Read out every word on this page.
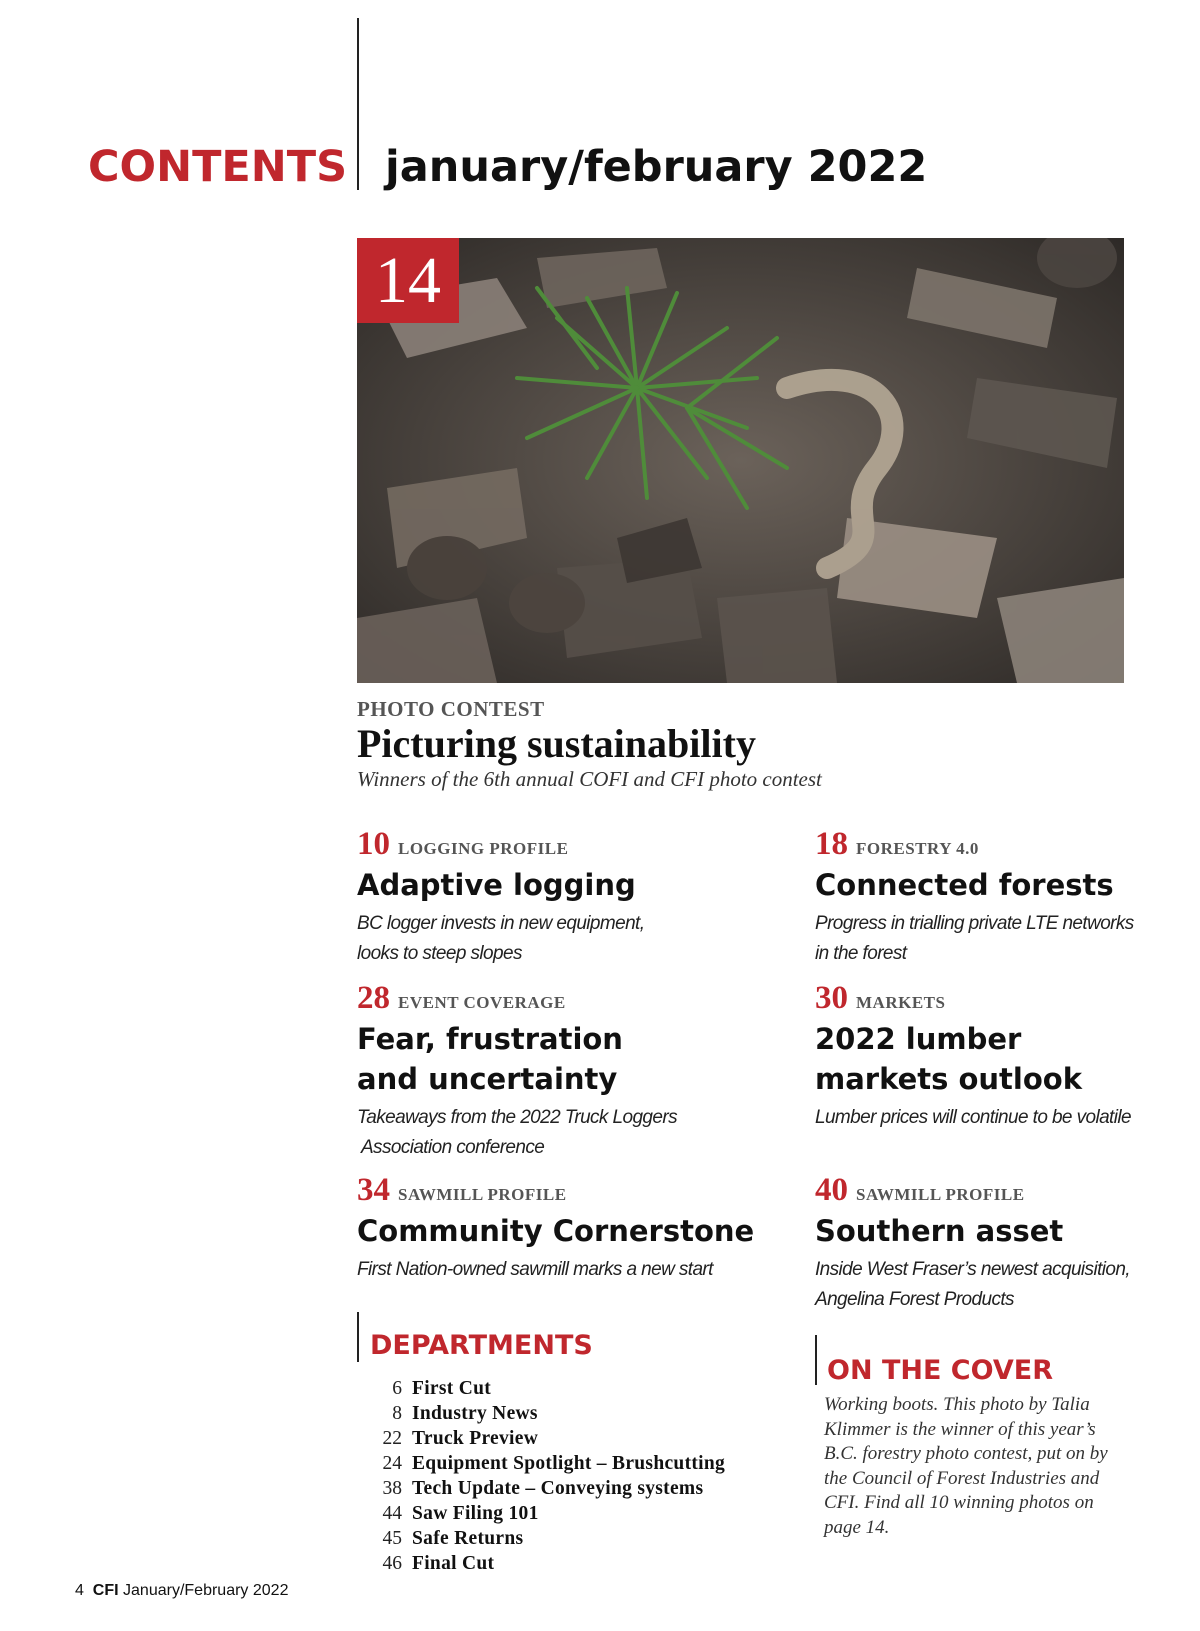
CONTENTS january/february 2022
14
PHOTO CONTEST
Picturing sustainability
Winners of the 6th annual COFI and CFI photo contest
10 LOGGING PROFILE
Adaptive logging
BC logger invests in new equipment,
looks to steep slopes
18 FORESTRY 4.0
Connected forests
Progress in trialling private LTE networks
in the forest
28 EVENT COVERAGE
Fear, frustration
and uncertainty
Takeaways from the 2022 Truck Loggers
Association conference
30 MARKETS
2022 lumber
markets outlook
Lumber prices will continue to be volatile
34 SAWMILL PROFILE
Community Cornerstone
First Nation-owned sawmill marks a new start
40 SAWMILL PROFILE
Southern asset
Inside West Fraser’s newest acquisition,
Angelina Forest Products
DEPARTMENTS
6 First Cut
8 Industry News
22 Truck Preview
24 Equipment Spotlight – Brushcutting
38 Tech Update – Conveying systems
44 Saw Filing 101
45 Safe Returns
46 Final Cut
ON THE COVER
Working boots. This photo by Talia
Klimmer is the winner of this year’s
B.C. forestry photo contest, put on by
the Council of Forest Industries and
CFI. Find all 10 winning photos on
page 14.
4 CFI January/February 2022
